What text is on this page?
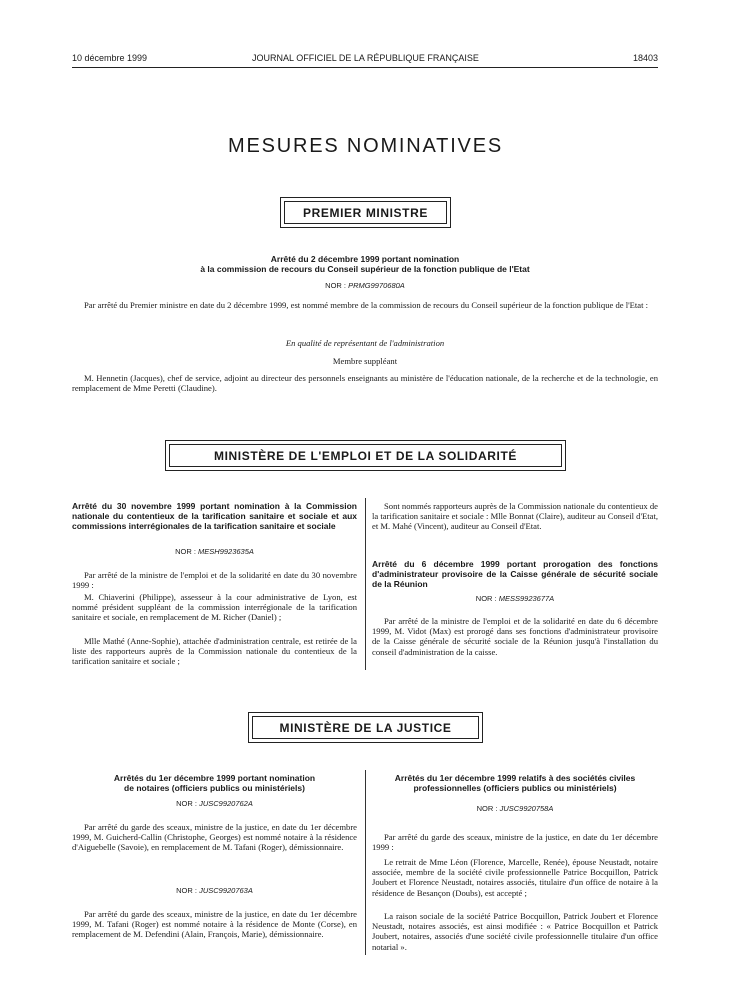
10 décembre 1999	JOURNAL OFFICIEL DE LA RÉPUBLIQUE FRANÇAISE	18403
MESURES NOMINATIVES
PREMIER MINISTRE
Arrêté du 2 décembre 1999 portant nomination
à la commission de recours du Conseil supérieur de la fonction publique de l'Etat
NOR : PRMG9970680A
Par arrêté du Premier ministre en date du 2 décembre 1999, est nommé membre de la commission de recours du Conseil supérieur de la fonction publique de l'Etat :
En qualité de représentant de l'administration
Membre suppléant
M. Hennetin (Jacques), chef de service, adjoint au directeur des personnels enseignants au ministère de l'éducation nationale, de la recherche et de la technologie, en remplacement de Mme Peretti (Claudine).
MINISTÈRE DE L'EMPLOI ET DE LA SOLIDARITÉ
Arrêté du 30 novembre 1999 portant nomination à la Commission nationale du contentieux de la tarification sanitaire et sociale et aux commissions interrégionales de la tarification sanitaire et sociale
NOR : MESH9923635A
Par arrêté de la ministre de l'emploi et de la solidarité en date du 30 novembre 1999 :
M. Chiaverini (Philippe), assesseur à la cour administrative de Lyon, est nommé président suppléant de la commission interrégionale de la tarification sanitaire et sociale, en remplacement de M. Richer (Daniel) ;
Mlle Mathé (Anne-Sophie), attachée d'administration centrale, est retirée de la liste des rapporteurs auprès de la Commission nationale du contentieux de la tarification sanitaire et sociale ;
Sont nommés rapporteurs auprès de la Commission nationale du contentieux de la tarification sanitaire et sociale : Mlle Bonnat (Claire), auditeur au Conseil d'Etat, et M. Mahé (Vincent), auditeur au Conseil d'Etat.
Arrêté du 6 décembre 1999 portant prorogation des fonctions d'administrateur provisoire de la Caisse générale de sécurité sociale de la Réunion
NOR : MESS9923677A
Par arrêté de la ministre de l'emploi et de la solidarité en date du 6 décembre 1999, M. Vidot (Max) est prorogé dans ses fonctions d'administrateur provisoire de la Caisse générale de sécurité sociale de la Réunion jusqu'à l'installation du conseil d'administration de la caisse.
MINISTÈRE DE LA JUSTICE
Arrêtés du 1er décembre 1999 portant nomination
de notaires (officiers publics ou ministériels)
NOR : JUSC9920762A
Par arrêté du garde des sceaux, ministre de la justice, en date du 1er décembre 1999, M. Guicherd-Callin (Christophe, Georges) est nommé notaire à la résidence d'Aiguebelle (Savoie), en remplacement de M. Tafani (Roger), démissionnaire.
NOR : JUSC9920763A
Par arrêté du garde des sceaux, ministre de la justice, en date du 1er décembre 1999, M. Tafani (Roger) est nommé notaire à la résidence de Monte (Corse), en remplacement de M. Defendini (Alain, François, Marie), démissionnaire.
Arrêtés du 1er décembre 1999 relatifs à des sociétés civiles
professionnelles (officiers publics ou ministériels)
NOR : JUSC9920758A
Par arrêté du garde des sceaux, ministre de la justice, en date du 1er décembre 1999 :
Le retrait de Mme Léon (Florence, Marcelle, Renée), épouse Neustadt, notaire associée, membre de la société civile professionnelle Patrice Bocquillon, Patrick Joubert et Florence Neustadt, notaires associés, titulaire d'un office de notaire à la résidence de Besançon (Doubs), est accepté ;
La raison sociale de la société Patrice Bocquillon, Patrick Joubert et Florence Neustadt, notaires associés, est ainsi modifiée : « Patrice Bocquillon et Patrick Joubert, notaires, associés d'une société civile professionnelle titulaire d'un office notarial ».
